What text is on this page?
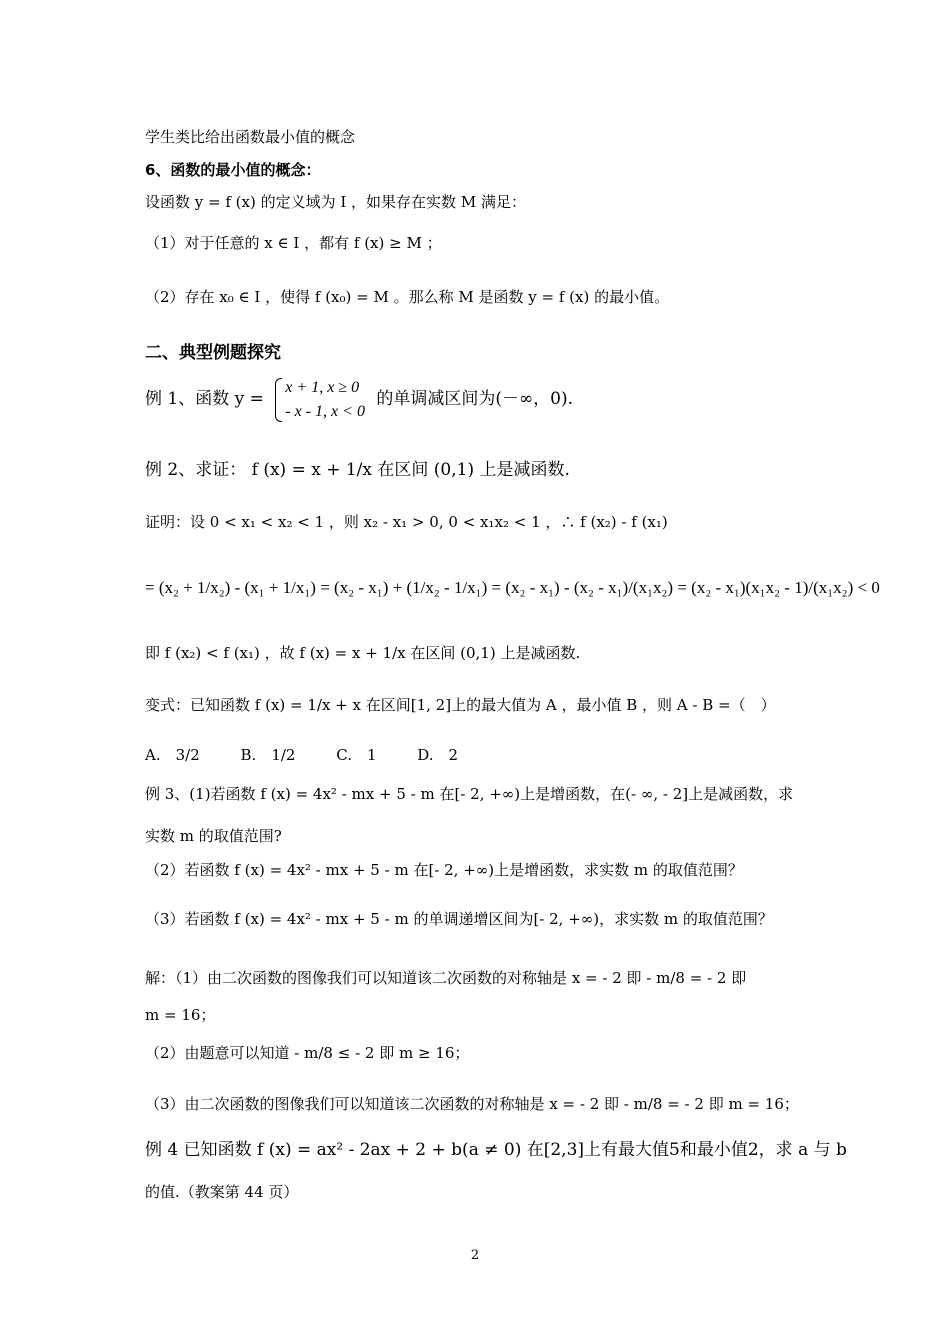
学生类比给出函数最小值的概念
6、函数的最小值的概念：
设函数 y = f (x) 的定义域为 I ，如果存在实数 M 满足：
（1）对于任意的 x ∈ I ，都有 f (x) ≥ M ；
（2）存在 x₀ ∈ I ，使得 f (x₀) = M 。那么称 M 是函数 y = f (x) 的最小值。
二、典型例题探究
例 1、函数 y =
x + 1, x ≥ 0
- x - 1, x < 0
的单调减区间为(－∞，0).
例 2、求证： f (x) = x + 1/x 在区间 (0,1) 上是减函数.
证明：设 0 < x₁ < x₂ < 1 ，则 x₂ - x₁ > 0, 0 < x₁x₂ < 1 ，∴ f (x₂) - f (x₁)
= (x₂ + 1/x₂) - (x₁ + 1/x₁) = (x₂ - x₁) + (1/x₂ - 1/x₁) = (x₂ - x₁) - (x₂ - x₁)/(x₁x₂) = (x₂ - x₁)(x₁x₂ - 1)/(x₁x₂) < 0
即 f (x₂) < f (x₁) ，故 f (x) = x + 1/x 在区间 (0,1) 上是减函数.
变式：已知函数 f (x) = 1/x + x 在区间[1, 2]上的最大值为 A ，最小值 B ，则 A - B =（　）
A.　3/2	B.　1/2	C.　1	D.　2
例 3、(1)若函数 f (x) = 4x² - mx + 5 - m 在[- 2, +∞)上是增函数，在(- ∞, - 2]上是减函数，求
实数 m 的取值范围?
（2）若函数 f (x) = 4x² - mx + 5 - m 在[- 2, +∞)上是增函数，求实数 m 的取值范围？
（3）若函数 f (x) = 4x² - mx + 5 - m 的单调递增区间为[- 2, +∞)，求实数 m 的取值范围？
解：（1）由二次函数的图像我们可以知道该二次函数的对称轴是 x = - 2 即 - m/8 = - 2 即
m = 16；
（2）由题意可以知道 - m/8 ≤ - 2 即 m ≥ 16；
（3）由二次函数的图像我们可以知道该二次函数的对称轴是 x = - 2 即 - m/8 = - 2 即 m = 16；
例 4 已知函数 f (x) = ax² - 2ax + 2 + b(a ≠ 0) 在[2,3]上有最大值5和最小值2，求 a 与 b
的值.（教案第 44 页）
2
